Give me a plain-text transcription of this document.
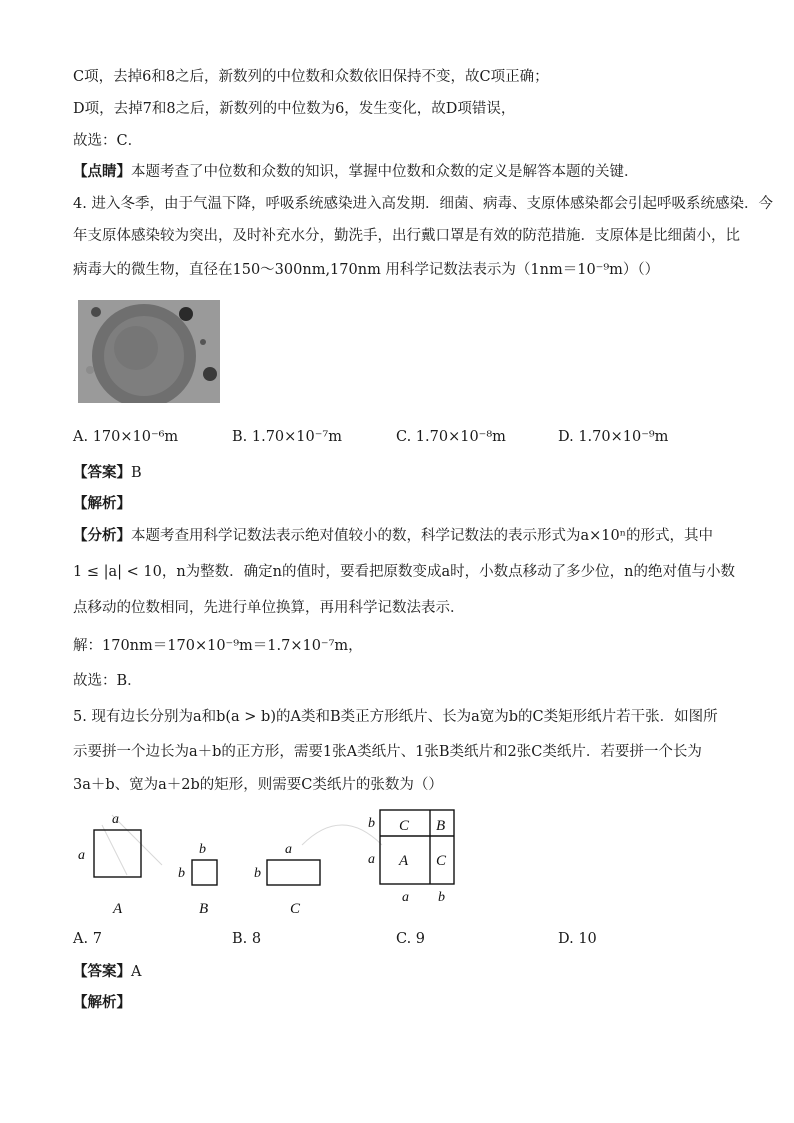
C项，去掉6和8之后，新数列的中位数和众数依旧保持不变，故C项正确；
D项，去掉7和8之后，新数列的中位数为6，发生变化，故D项错误，
故选：C．
【点睛】本题考查了中位数和众数的知识，掌握中位数和众数的定义是解答本题的关键．
4. 进入冬季，由于气温下降，呼吸系统感染进入高发期．细菌、病毒、支原体感染都会引起呼吸系统感染．今
年支原体感染较为突出，及时补充水分，勤洗手，出行戴口罩是有效的防范措施．支原体是比细菌小，比
病毒大的微生物，直径在150～300nm,170nm 用科学记数法表示为（1nm＝10⁻⁹m）（）
A. 170×10⁻⁶m	B. 1.70×10⁻⁷m	C. 1.70×10⁻⁸m	D. 1.70×10⁻⁹m
【答案】B
【解析】
【分析】本题考查用科学记数法表示绝对值较小的数，科学记数法的表示形式为a×10ⁿ的形式，其中
1 ≤ |a| < 10，n为整数．确定n的值时，要看把原数变成a时，小数点移动了多少位，n的绝对值与小数
点移动的位数相同，先进行单位换算，再用科学记数法表示．
解：170nm＝170×10⁻⁹m＝1.7×10⁻⁷m，
故选：B．
5. 现有边长分别为a和b(a > b)的A类和B类正方形纸片、长为a宽为b的C类矩形纸片若干张．如图所
示要拼一个边长为a＋b的正方形，需要1张A类纸片、1张B类纸片和2张C类纸片．若要拼一个长为
3a＋b、宽为a＋2b的矩形，则需要C类纸片的张数为（）
a
a
A
b
b
B
a
b
C
b
a
C B
A C
a b
A. 7	B. 8	C. 9	D. 10
【答案】A
【解析】
